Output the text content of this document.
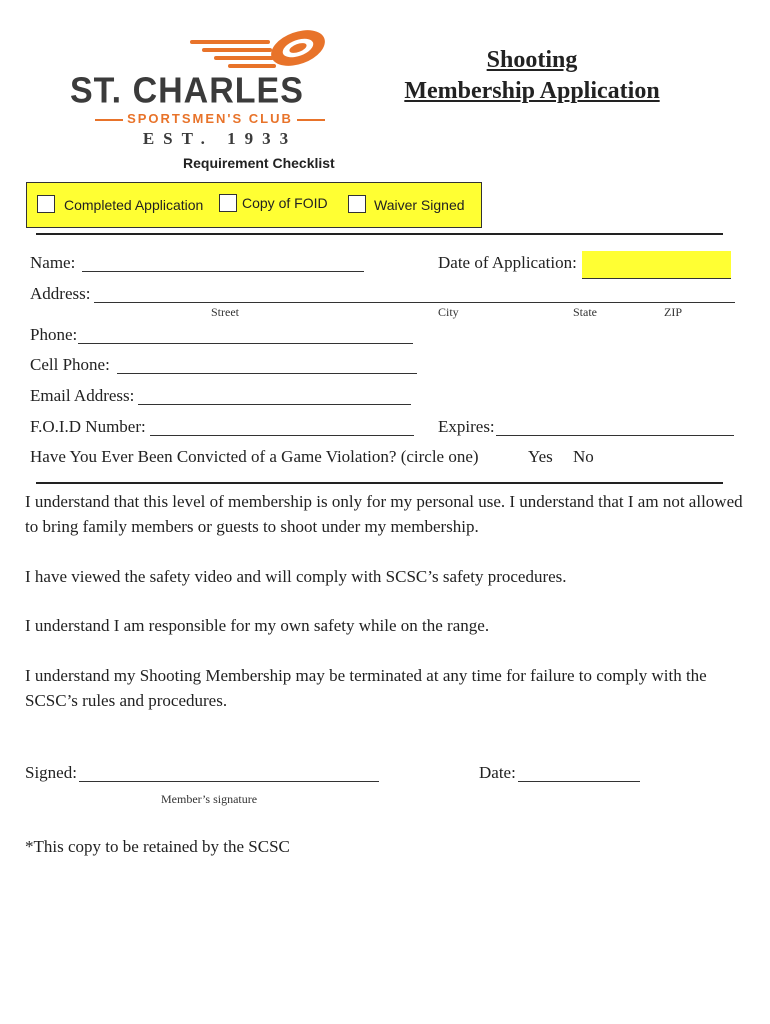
ST. CHARLES
SPORTSMEN'S CLUB
EST. 1933
Shooting
Membership Application
Requirement Checklist
Completed Application	Copy of FOID	Waiver Signed
Name:	Date of Application:
Address:
Street	City	State	ZIP
Phone:
Cell Phone:
Email Address:
F.O.I.D Number:	Expires:
Have You Ever Been Convicted of a Game Violation? (circle one)	Yes No
I understand that this level of membership is only for my personal use. I understand that I am not allowed to bring family members or guests to shoot under my membership.
I have viewed the safety video and will comply with SCSC’s safety procedures.
I understand I am responsible for my own safety while on the range.
I understand my Shooting Membership may be terminated at any time for failure to comply with the SCSC’s rules and procedures.
Signed:
Member’s signature
Date:
*This copy to be retained by the SCSC
